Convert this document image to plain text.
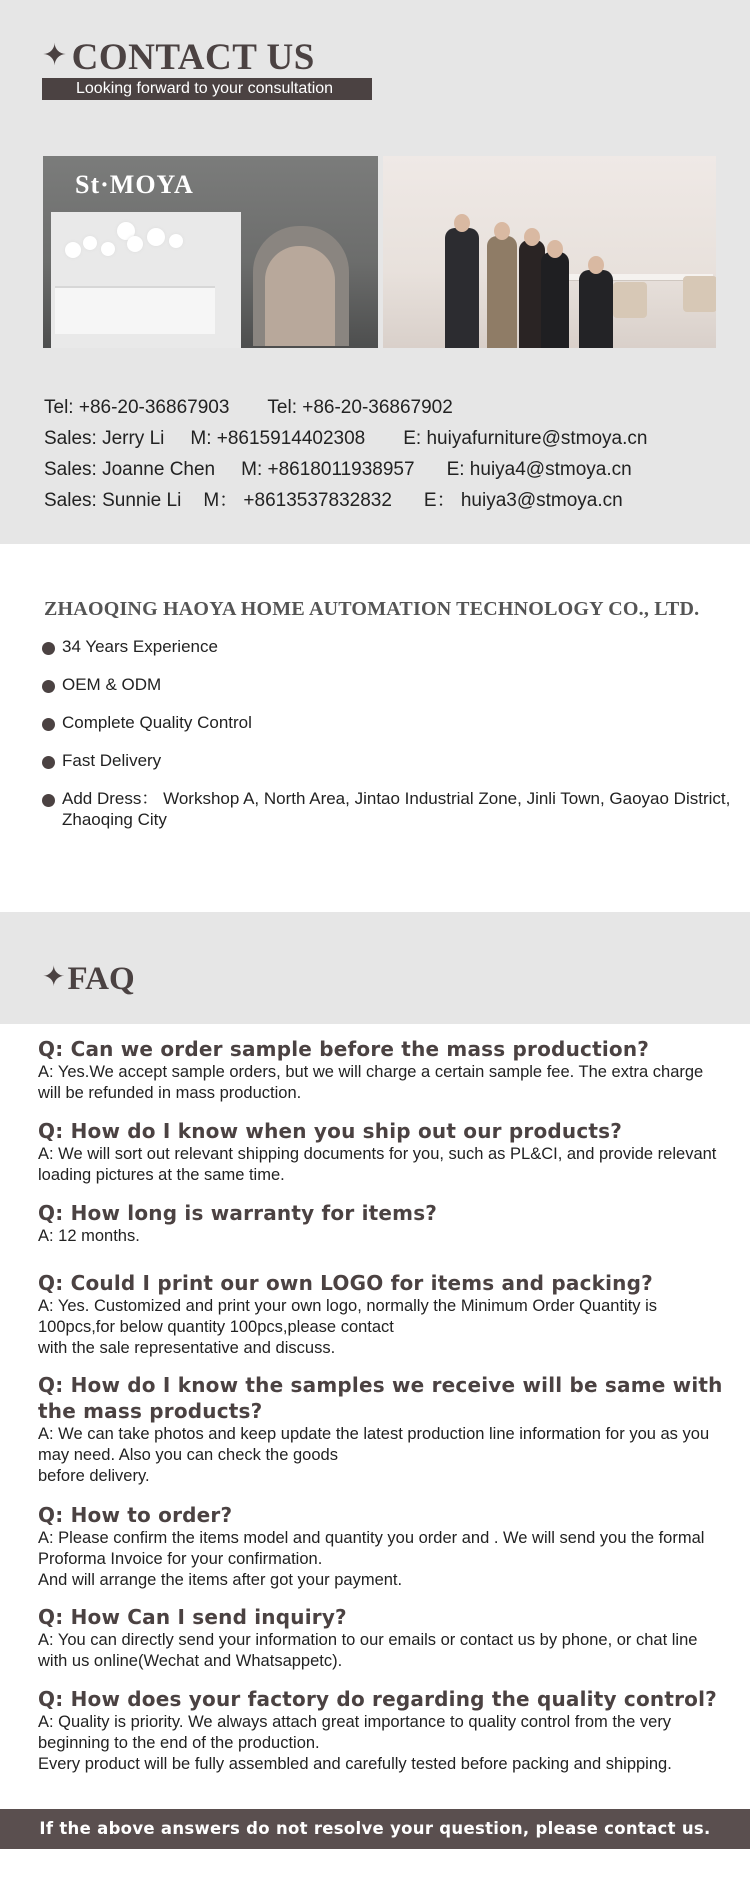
✦ CONTACT US
Looking forward to your consultation
St·MOYA
Tel: +86-20-36867903 Tel: +86-20-36867902
Sales: Jerry Li M: +8615914402308 E: huiyafurniture@stmoya.cn
Sales: Joanne Chen M: +8618011938957 E: huiya4@stmoya.cn
Sales: Sunnie Li M： +8613537832832 E： huiya3@stmoya.cn
ZHAOQING HAOYA HOME AUTOMATION TECHNOLOGY CO., LTD.
34 Years Experience
OEM & ODM
Complete Quality Control
Fast Delivery
Add Dress： Workshop A, North Area, Jintao Industrial Zone, Jinli Town, Gaoyao District, Zhaoqing City
✦FAQ
Q: Can we order sample before the mass production?
A: Yes.We accept sample orders, but we will charge a certain sample fee. The extra charge will be refunded in mass production.
Q: How do I know when you ship out our products?
A: We will sort out relevant shipping documents for you, such as PL&CI, and provide relevant loading pictures at the same time.
Q: How long is warranty for items?
A: 12 months.
Q: Could I print our own LOGO for items and packing?
A: Yes. Customized and print your own logo, normally the Minimum Order Quantity is 100pcs,for below quantity 100pcs,please contact
with the sale representative and discuss.
Q: How do I know the samples we receive will be same with the mass products?
A: We can take photos and keep update the latest production line information for you as you may need. Also you can check the goods
before delivery.
Q: How to order?
A: Please confirm the items model and quantity you order and . We will send you the formal Proforma Invoice for your confirmation.
And will arrange the items after got your payment.
Q: How Can I send inquiry?
A: You can directly send your information to our emails or contact us by phone, or chat line with us online(Wechat and Whatsappetc).
Q: How does your factory do regarding the quality control?
A: Quality is priority. We always attach great importance to quality control from the very beginning to the end of the production.
Every product will be fully assembled and carefully tested before packing and shipping.
If the above answers do not resolve your question, please contact us.
